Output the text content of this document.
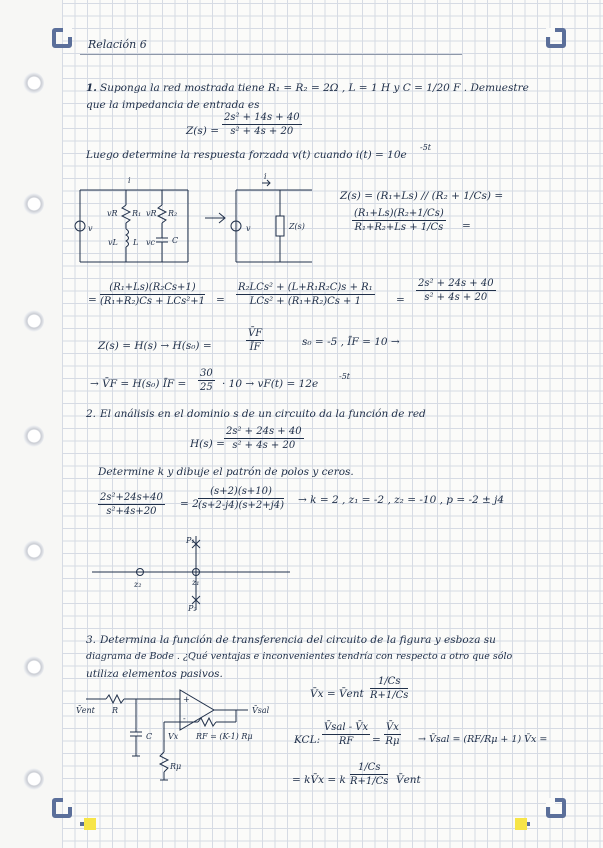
Relación 6
1. Suponga la red mostrada tiene R₁ = R₂ = 2Ω , L = 1 H y C = 1/20 F . Demuestre
que la impedancia de entrada es
$Z(s) = \frac{\text{2s² + 14s + 40}}{\text{s² + 4s + 20}}$
Luego determine la respuesta forzada v(t) cuando i(t) = 10e
-5t
i
v
vR R₁
vL L
vR R₂
vc C
i
v	Z(s)
Z(s) = (R₁+Ls) // (R₂ + 1/Cs) =
$\frac{\text{(R₁+Ls)(R₂+1/Cs)}}{\text{R₁+R₂+Ls + 1/Cs}}$ =
=
(R₁+Ls)(R₂Cs+1)
(R₁+R₂)Cs + LCs²+1 =
R₂LCs² + (L+R₁R₂C)s + R₁
LCs² + (R₁+R₂)Cs + 1	= $\frac{\text{2s² + 24s + 40}}{\text{s² + 4s + 20}}$
Z(s) = H(s) → H(s₀) =	$\frac{V̄F}{ĪF}$	s₀ = -5 , ĪF = 10 →
→ V̄F = H(s₀) ĪF = $\frac{30}{25} \cdot 10 \to vF(t) = 12e$
-5t
2. El análisis en el dominio s de un circuito da la función de red
$H(s) = \frac{\text{2s² + 24s + 40}}{\text{s² + 4s + 20}}$
Determine k y dibuje el patrón de polos y ceros.
$\frac{\text{2s²+24s+40}}{\text{s²+4s+20}} = 2 \frac{(s+2)(s+10)}{(s+2-j4)(s+2+j4)} \to k = 2$ , z₁ = -2 , z₂ = -10 , p = -2 ± j4
P₁
z₁
z₂
P₂
3. Determina la función de transferencia del circuito de la figura y esboza su
diagrama de Bode . ¿Qué ventajas e inconvenientes tendría con respecto a otro que sólo
utiliza elementos pasivos.
V̄ent R
C Vx RF = (K-1) Rμ
Rμ
V̄sal
+
-
V̄x = V̄ent $\frac{1/Cs}{R+1/Cs}$
KCL:
V̄sal - V̄x
RF	= $\frac{V̄x}{R\mu}$ → V̄sal = (RF/Rμ + 1) V̄x =
= kV̄x = k $\frac{1/Cs}{R+1/Cs}$ V̄ent
